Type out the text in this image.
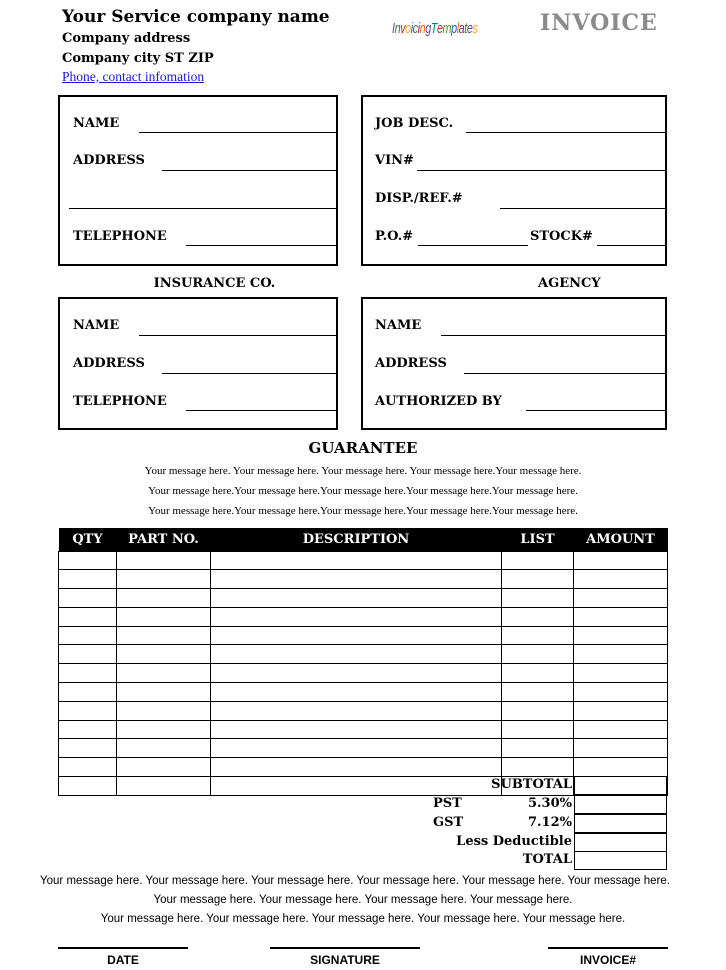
Your Service company name
Company address
Company city ST ZIP
Phone, contact infomation
InvoicingTemplates	INVOICE
NAME
ADDRESS
TELEPHONE
JOB DESC.
VIN#
DISP./REF.#
P.O.#	STOCK#
INSURANCE CO.	AGENCY
NAME
ADDRESS
TELEPHONE
NAME
ADDRESS
AUTHORIZED BY
GUARANTEE
Your message here. Your message here. Your message here. Your message here.Your message here.
Your message here.Your message here.Your message here.Your message here.Your message here.
Your message here.Your message here.Your message here.Your message here.Your message here.
QTY	PART NO.	DESCRIPTION	LIST	AMOUNT

SUBTOTAL
PST	5.30%
GST	7.12%
Less Deductible
TOTAL
Your message here. Your message here. Your message here. Your message here. Your message here. Your message here.
Your message here. Your message here. Your message here. Your message here.
Your message here. Your message here. Your message here. Your message here. Your message here.
DATE	SIGNATURE	INVOICE#
